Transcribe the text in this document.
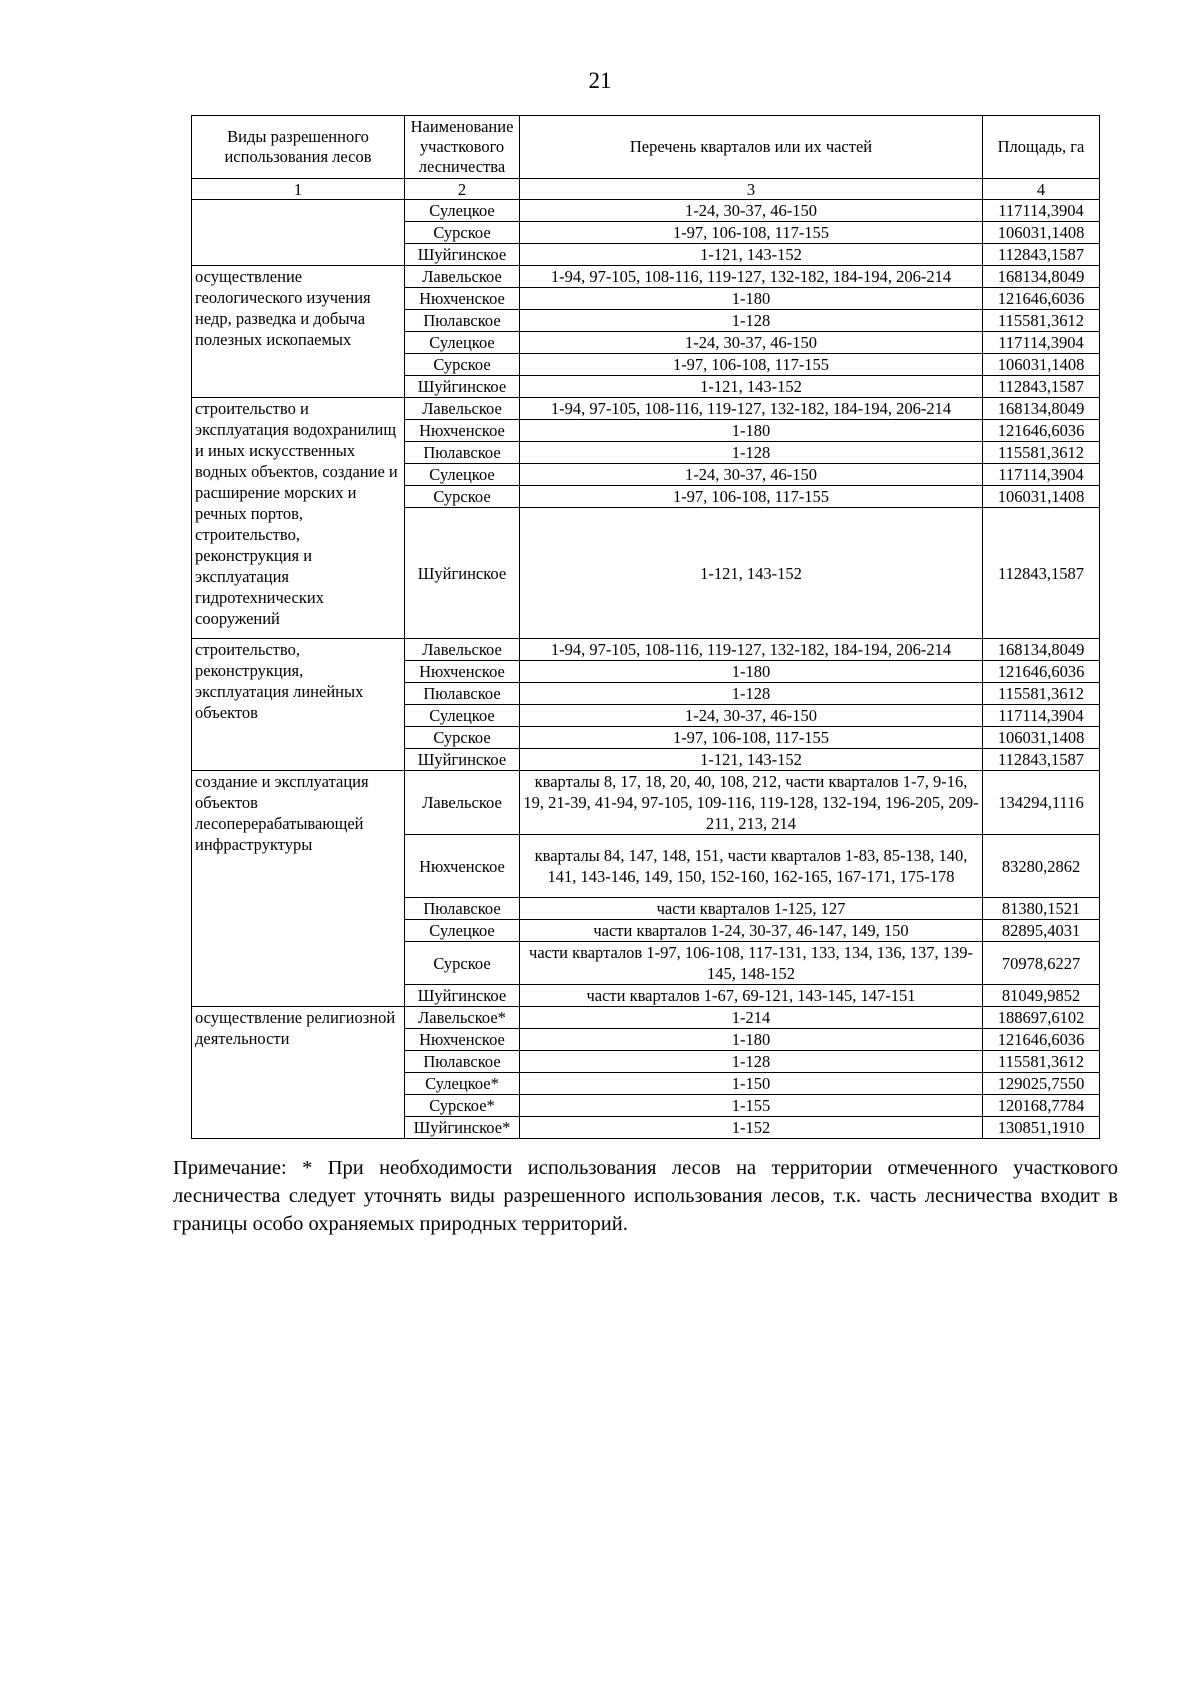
21
Виды разрешенного использования лесов	Наименование участкового лесничества	Перечень кварталов или их частей	Площадь, га
1	2	3	4
	Сулецкое	1-24, 30-37, 46-150	117114,3904
	Сурское	1-97, 106-108, 117-155	106031,1408
	Шуйгинское	1-121, 143-152	112843,1587
осуществление геологического изучения недр, разведка и добыча полезных ископаемых	Лавельское	1-94, 97-105, 108-116, 119-127, 132-182, 184-194, 206-214	168134,8049
	Нюхченское	1-180	121646,6036
	Пюлавское	1-128	115581,3612
	Сулецкое	1-24, 30-37, 46-150	117114,3904
	Сурское	1-97, 106-108, 117-155	106031,1408
	Шуйгинское	1-121, 143-152	112843,1587
строительство и эксплуатация водохранилищ и иных искусственных водных объектов, создание и расширение морских и речных портов, строительство, реконструкция и эксплуатация гидротехнических сооружений	Лавельское	1-94, 97-105, 108-116, 119-127, 132-182, 184-194, 206-214	168134,8049
	Нюхченское	1-180	121646,6036
	Пюлавское	1-128	115581,3612
	Сулецкое	1-24, 30-37, 46-150	117114,3904
	Сурское	1-97, 106-108, 117-155	106031,1408
	Шуйгинское	1-121, 143-152	112843,1587
строительство, реконструкция, эксплуатация линейных объектов	Лавельское	1-94, 97-105, 108-116, 119-127, 132-182, 184-194, 206-214	168134,8049
	Нюхченское	1-180	121646,6036
	Пюлавское	1-128	115581,3612
	Сулецкое	1-24, 30-37, 46-150	117114,3904
	Сурское	1-97, 106-108, 117-155	106031,1408
	Шуйгинское	1-121, 143-152	112843,1587
создание и эксплуатация объектов лесоперерабатывающей инфраструктуры	Лавельское	кварталы 8, 17, 18, 20, 40, 108, 212, части кварталов 1-7, 9-16, 19, 21-39, 41-94, 97-105, 109-116, 119-128, 132-194, 196-205, 209-211, 213, 214	134294,1116
	Нюхченское	кварталы 84, 147, 148, 151, части кварталов 1-83, 85-138, 140, 141, 143-146, 149, 150, 152-160, 162-165, 167-171, 175-178	83280,2862
	Пюлавское	части кварталов 1-125, 127	81380,1521
	Сулецкое	части кварталов 1-24, 30-37, 46-147, 149, 150	82895,4031
	Сурское	части кварталов 1-97, 106-108, 117-131, 133, 134, 136, 137, 139-145, 148-152	70978,6227
	Шуйгинское	части кварталов 1-67, 69-121, 143-145, 147-151	81049,9852
осуществление религиозной деятельности	Лавельское*	1-214	188697,6102
	Нюхченское	1-180	121646,6036
	Пюлавское	1-128	115581,3612
	Сулецкое*	1-150	129025,7550
	Сурское*	1-155	120168,7784
	Шуйгинское*	1-152	130851,1910
Примечание: * При необходимости использования лесов на территории отмеченного участкового лесничества следует уточнять виды разрешенного использования лесов, т.к. часть лесничества входит в границы особо охраняемых природных территорий.
